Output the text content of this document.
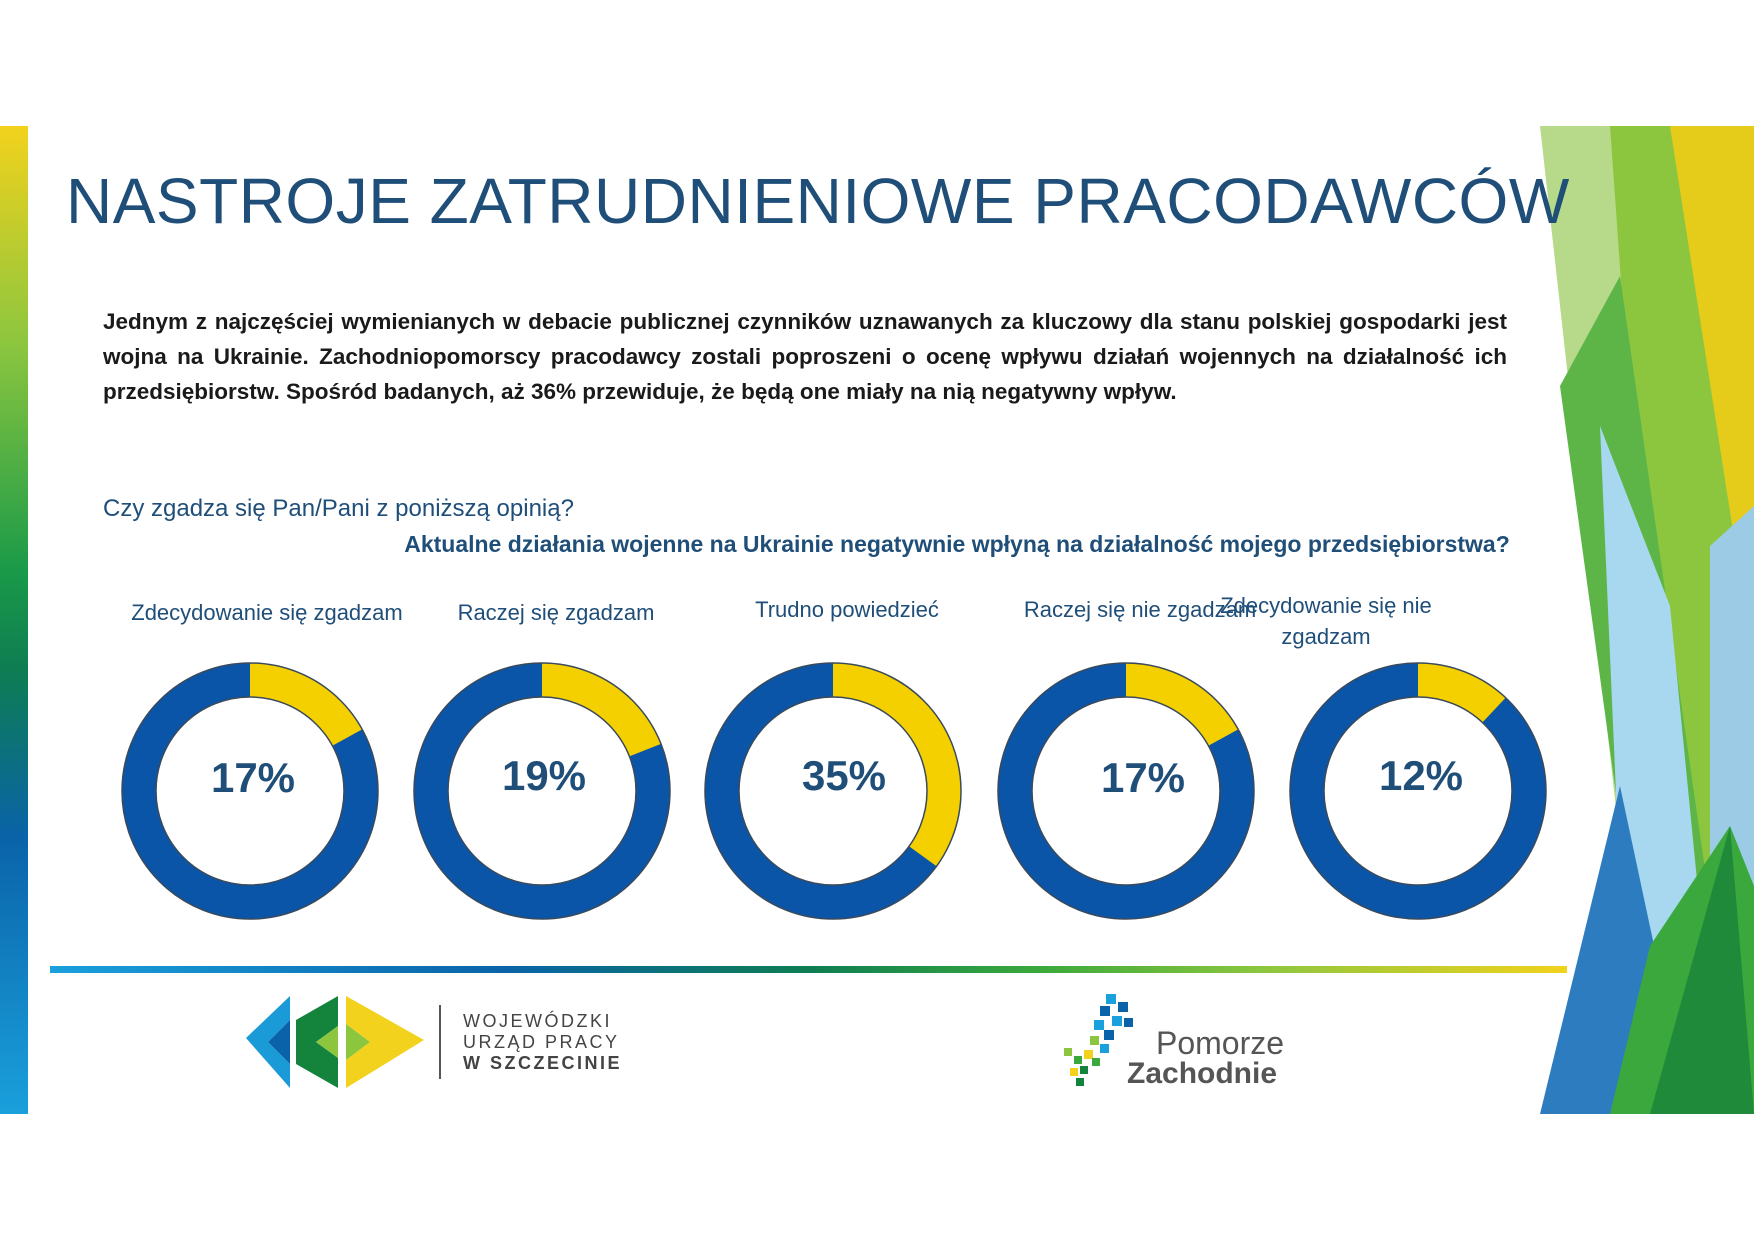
NASTROJE ZATRUDNIENIOWE PRACODAWCÓW

Jednym z najczęściej wymienianych w debacie publicznej czynników uznawanych za kluczowy dla stanu polskiej gospodarki jest wojna na Ukrainie. Zachodniopomorscy pracodawcy zostali poproszeni o ocenę wpływu działań wojennych na działalność ich przedsiębiorstw. Spośród badanych, aż 36% przewiduje, że będą one miały na nią negatywny wpływ.

Czy zgadza się Pan/Pani z poniższą opinią?

Aktualne działania wojenne na Ukrainie negatywnie wpłyną na działalność mojego przedsiębiorstwa?

Zdecydowanie się zgadzam	Raczej się zgadzam	Trudno powiedzieć	Raczej się nie zgadzam
Zdecydowanie się nie zgadzam
17%	19%	35%	17%	12%
WOJEWÓDZKI
URZĄD PRACY
W SZCZECINIE
Pomorze
Zachodnie
